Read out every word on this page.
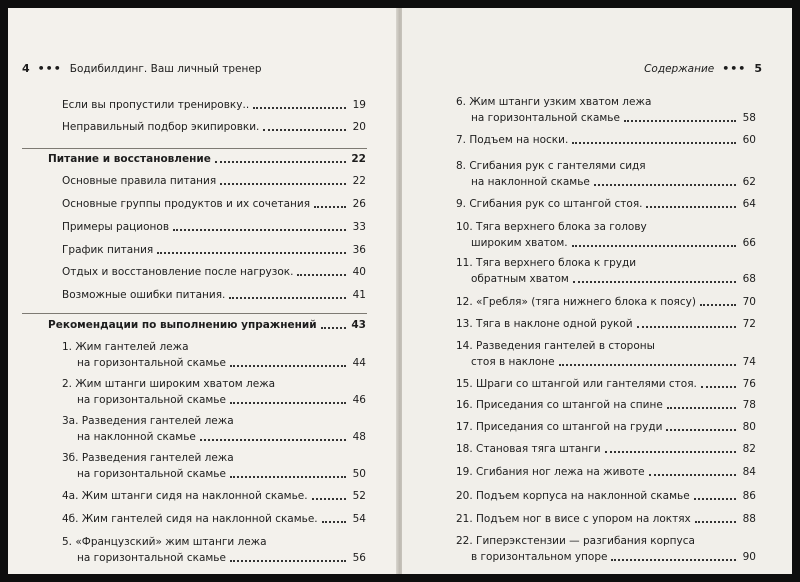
4 ••• Бодибилдинг. Ваш личный тренер
Если вы пропустили тренировку..	19
Неправильный подбор экипировки.	20
Питание и восстановление	22
Основные правила питания	22
Основные группы продуктов и их сочетания	26
Примеры рационов	33
График питания	36
Отдых и восстановление после нагрузок.	40
Возможные ошибки питания.	41
Рекомендации по выполнению упражнений	43
1. Жим гантелей лежа
на горизонтальной скамье	44
2. Жим штанги широким хватом лежа
на горизонтальной скамье	46
3а. Разведения гантелей лежа
на наклонной скамье	48
3б. Разведения гантелей лежа
на горизонтальной скамье	50
4а. Жим штанги сидя на наклонной скамье.	52
4б. Жим гантелей сидя на наклонной скамье.	54
5. «Французский» жим штанги лежа
на горизонтальной скамье	56
Содержание ••• 5
6. Жим штанги узким хватом лежа
на горизонтальной скамье	58
7. Подъем на носки.	60
8. Сгибания рук с гантелями сидя
на наклонной скамье	62
9. Сгибания рук со штангой стоя.	64
10. Тяга верхнего блока за голову
широким хватом.	66
11. Тяга верхнего блока к груди
обратным хватом	68
12. «Гребля» (тяга нижнего блока к поясу)	70
13. Тяга в наклоне одной рукой	72
14. Разведения гантелей в стороны
стоя в наклоне	74
15. Шраги со штангой или гантелями стоя.	76
16. Приседания со штангой на спине	78
17. Приседания со штангой на груди	80
18. Становая тяга штанги	82
19. Сгибания ног лежа на животе	84
20. Подъем корпуса на наклонной скамье	86
21. Подъем ног в висе с упором на локтях	88
22. Гиперэкстензии — разгибания корпуса
в горизонтальном упоре	90
